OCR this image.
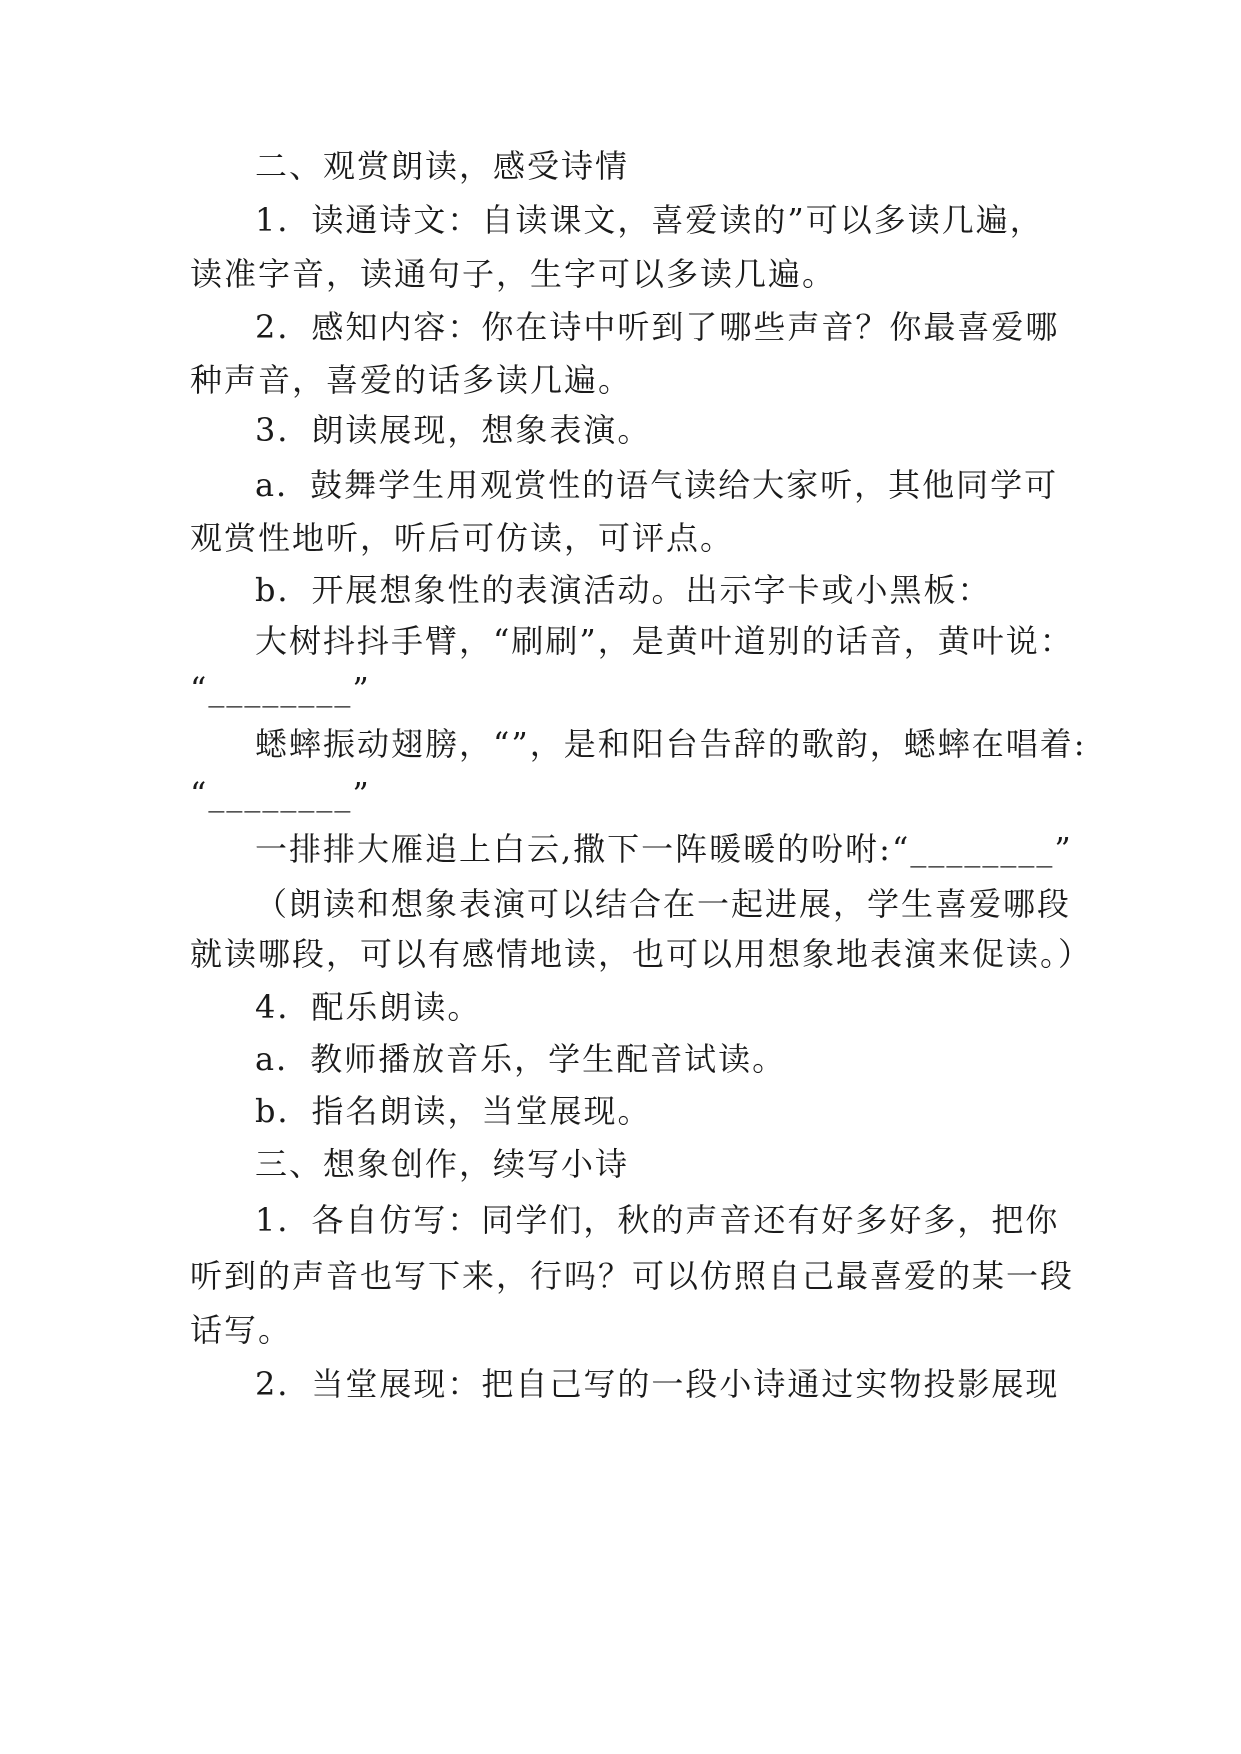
二、观赏朗读，感受诗情
1．读通诗文：自读课文，喜爱读的”可以多读几遍，
读准字音，读通句子，生字可以多读几遍。
2．感知内容：你在诗中听到了哪些声音？你最喜爱哪
种声音，喜爱的话多读几遍。
3．朗读展现，想象表演。
a．鼓舞学生用观赏性的语气读给大家听，其他同学可
观赏性地听，听后可仿读，可评点。
b．开展想象性的表演活动。出示字卡或小黑板：
大树抖抖手臂，“刷刷”，是黄叶道别的话音，黄叶说：
“________”
蟋蟀振动翅膀，“”，是和阳台告辞的歌韵，蟋蟀在唱着:
“________”
一排排大雁追上白云,撒下一阵暖暖的吩咐:“________”
（朗读和想象表演可以结合在一起进展，学生喜爱哪段
就读哪段，可以有感情地读，也可以用想象地表演来促读。）
4．配乐朗读。
a．教师播放音乐，学生配音试读。
b．指名朗读，当堂展现。
三、想象创作，续写小诗
1．各自仿写：同学们，秋的声音还有好多好多，把你
听到的声音也写下来，行吗？可以仿照自己最喜爱的某一段
话写。
2．当堂展现：把自己写的一段小诗通过实物投影展现
